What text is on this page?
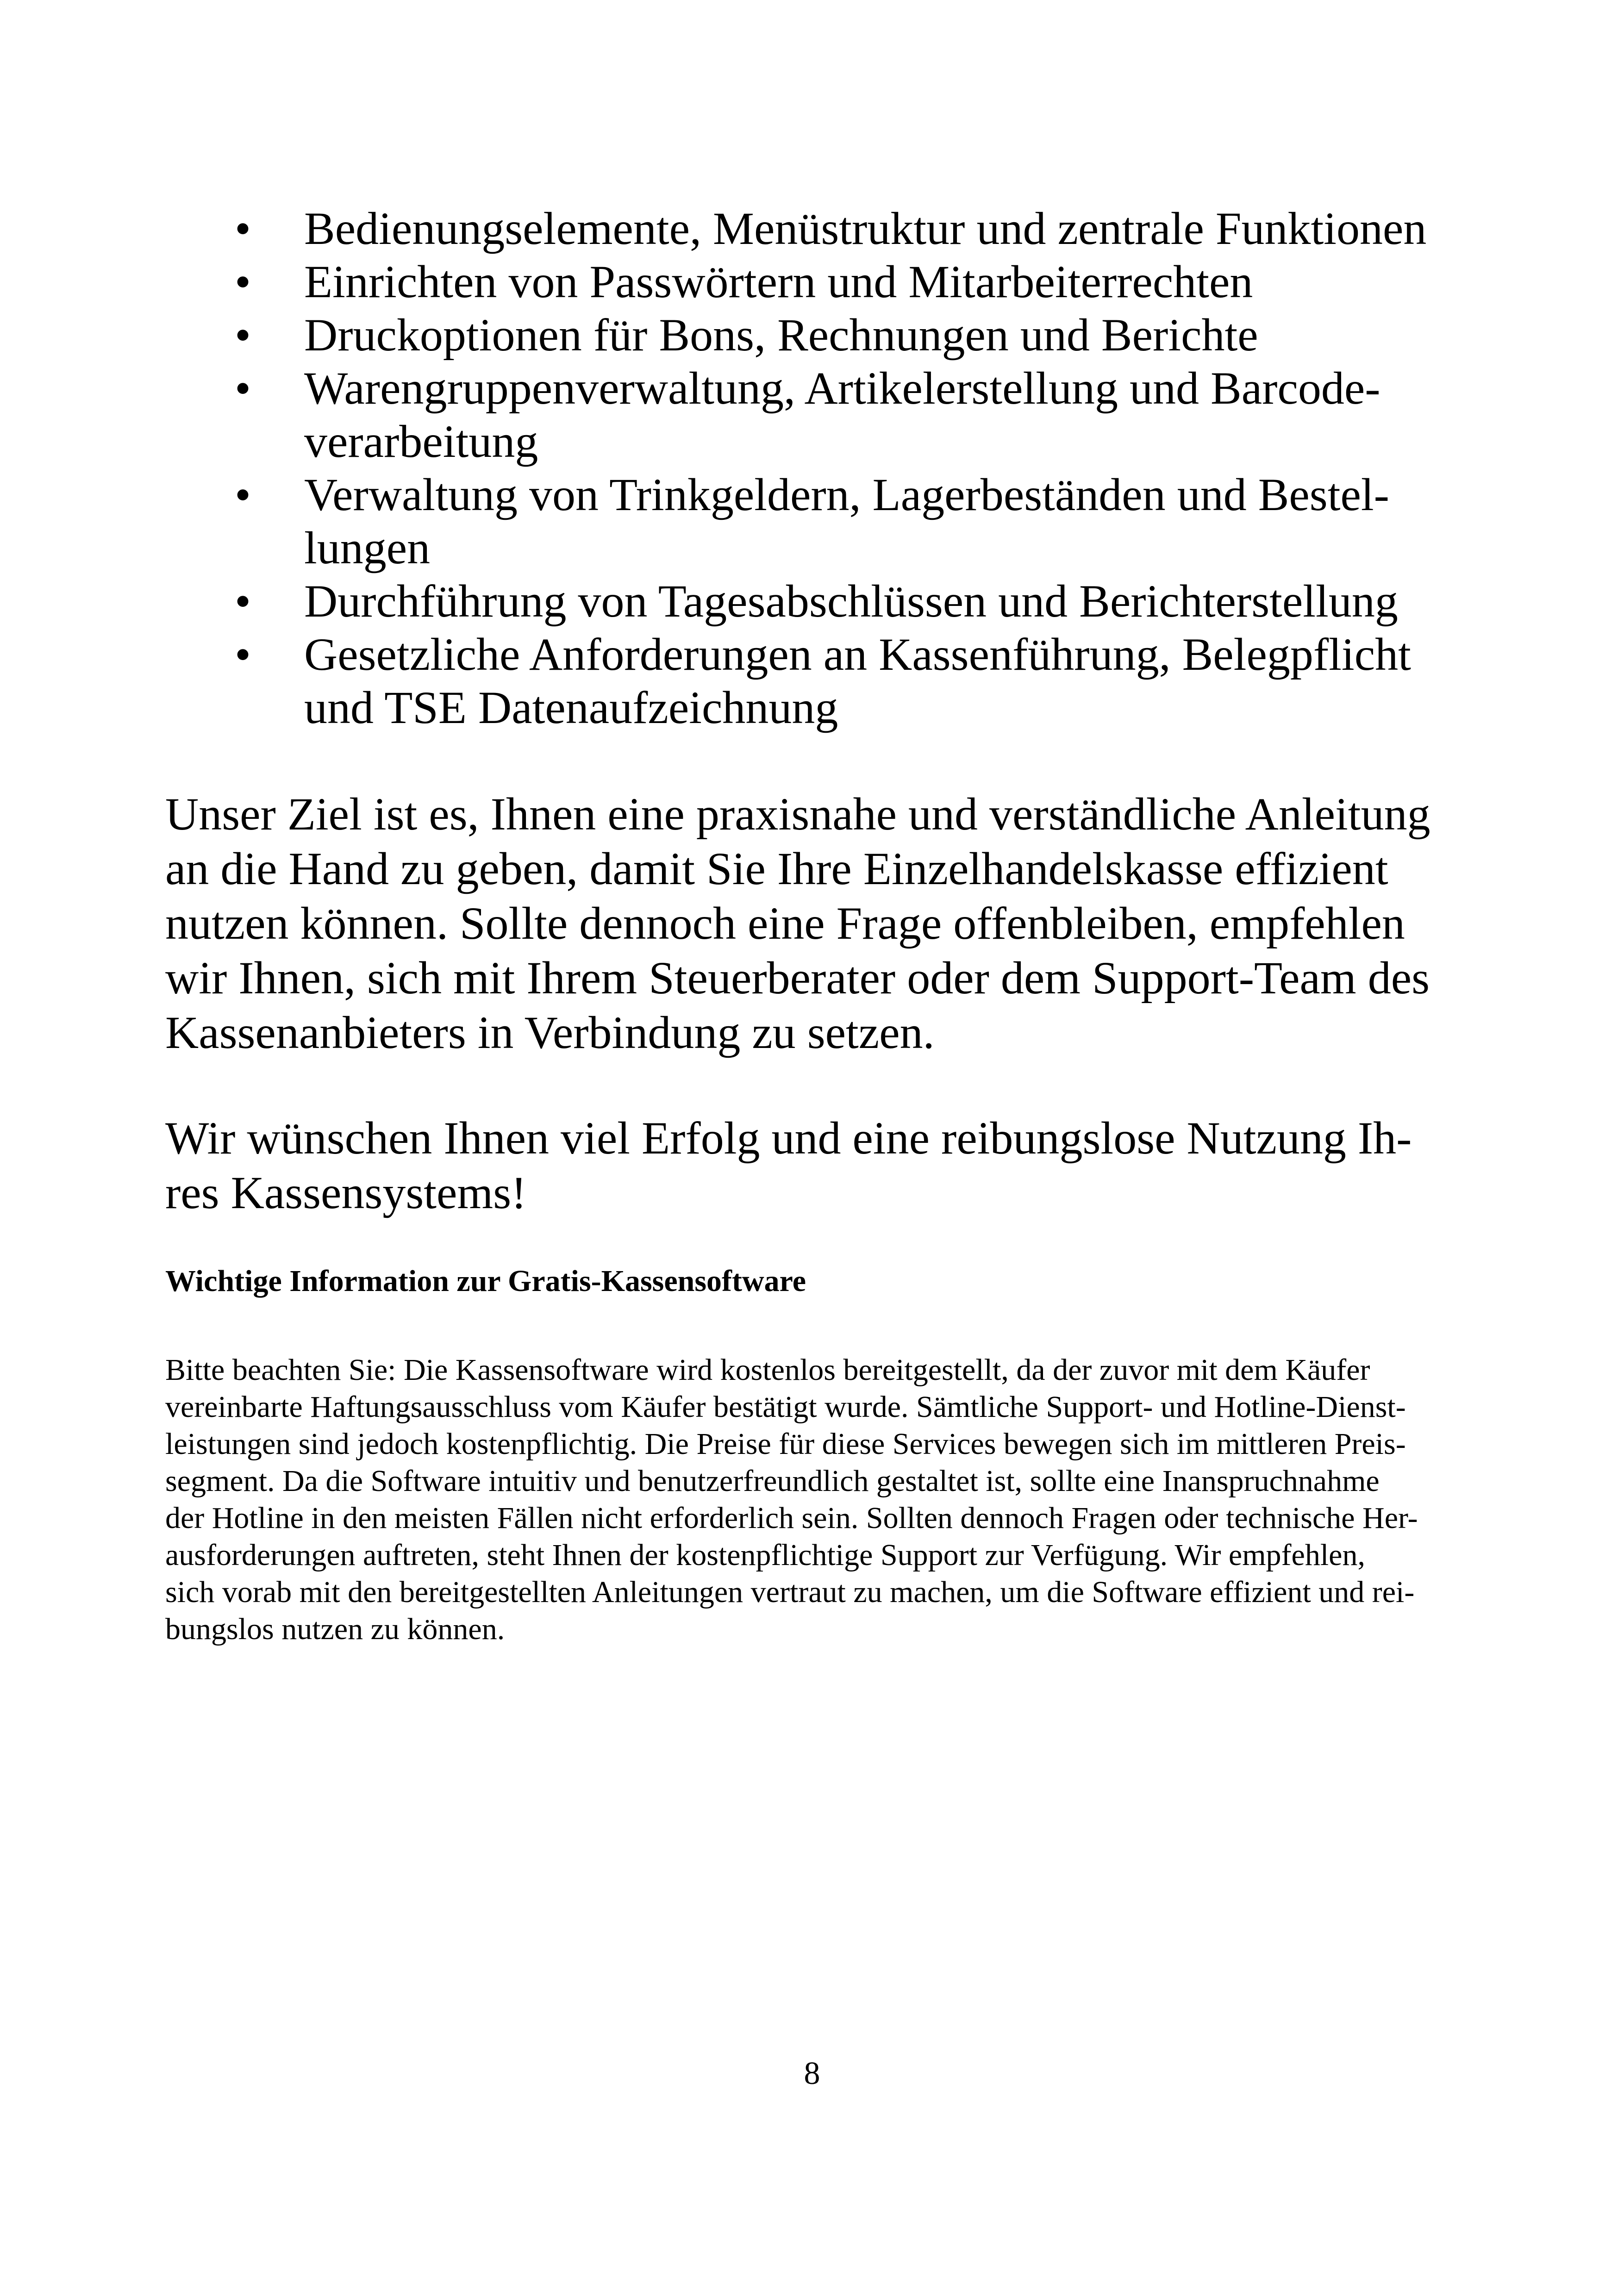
• Bedienungselemente, Menüstruktur und zentrale Funktionen
• Einrichten von Passwörtern und Mitarbeiterrechten
• Druckoptionen für Bons, Rechnungen und Berichte
• Warengruppenverwaltung, Artikelerstellung und Barcode-verarbeitung
• Verwaltung von Trinkgeldern, Lagerbeständen und Bestel-lungen
• Durchführung von Tagesabschlüssen und Berichterstellung
• Gesetzliche Anforderungen an Kassenführung, Belegpflicht und TSE Datenaufzeichnung

Unser Ziel ist es, Ihnen eine praxisnahe und verständliche Anleitung an die Hand zu geben, damit Sie Ihre Einzelhandelskasse effizient nutzen können. Sollte dennoch eine Frage offenbleiben, empfehlen wir Ihnen, sich mit Ihrem Steuerberater oder dem Support-Team des Kassenanbieters in Verbindung zu setzen.

Wir wünschen Ihnen viel Erfolg und eine reibungslose Nutzung Ih-res Kassensystems!

Wichtige Information zur Gratis-Kassensoftware
Bitte beachten Sie: Die Kassensoftware wird kostenlos bereitgestellt, da der zuvor mit dem Käufer
vereinbarte Haftungsausschluss vom Käufer bestätigt wurde. Sämtliche Support- und Hotline-Dienst-
leistungen sind jedoch kostenpflichtig. Die Preise für diese Services bewegen sich im mittleren Preis-
segment. Da die Software intuitiv und benutzerfreundlich gestaltet ist, sollte eine Inanspruchnahme
der Hotline in den meisten Fällen nicht erforderlich sein. Sollten dennoch Fragen oder technische Her-
ausforderungen auftreten, steht Ihnen der kostenpflichtige Support zur Verfügung. Wir empfehlen,
sich vorab mit den bereitgestellten Anleitungen vertraut zu machen, um die Software effizient und rei-
bungslos nutzen zu können.
8
